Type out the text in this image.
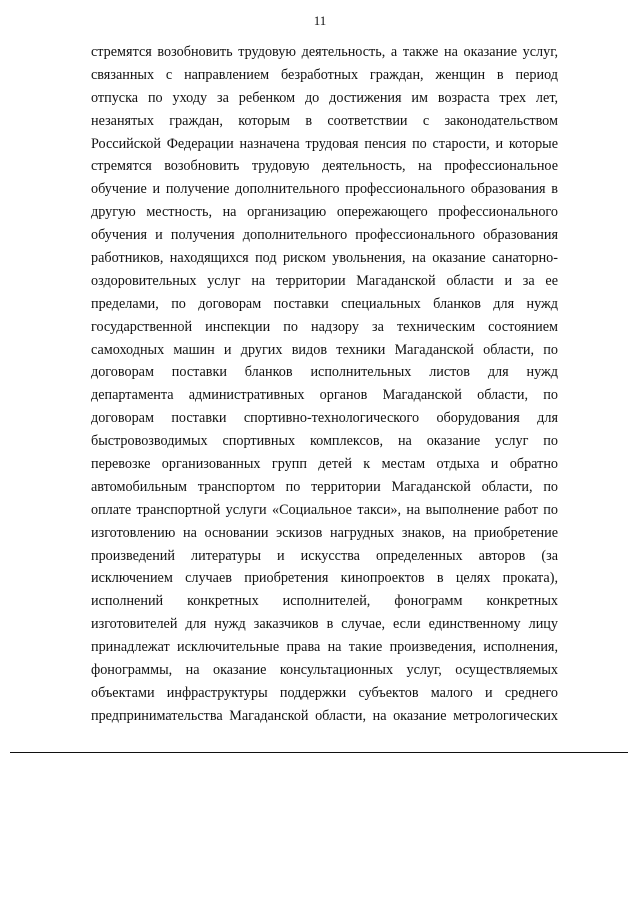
11
стремятся возобновить трудовую деятельность, а также на оказание услуг,
связанных с направлением безработных граждан, женщин в период
отпуска по уходу за ребенком до достижения им возраста трех лет,
незанятых граждан, которым в соответствии с законодательством
Российской Федерации назначена трудовая пенсия по старости, и которые
стремятся возобновить трудовую деятельность, на профессиональное
обучение и получение дополнительного профессионального образования в
другую местность, на организацию опережающего профессионального
обучения и получения дополнительного профессионального образования
работников, находящихся под риском увольнения, на оказание санаторно-
оздоровительных услуг на территории Магаданской области и за ее
пределами, по договорам поставки специальных бланков для нужд
государственной инспекции по надзору за техническим состоянием
самоходных машин и других видов техники Магаданской области, по
договорам поставки бланков исполнительных листов для нужд
департамента административных органов Магаданской области, по
договорам поставки спортивно-технологического оборудования для
быстровозводимых спортивных комплексов, на оказание услуг по
перевозке организованных групп детей к местам отдыха и обратно
автомобильным транспортом по территории Магаданской области, по
оплате транспортной услуги «Социальное такси», на выполнение работ по
изготовлению на основании эскизов нагрудных знаков, на приобретение
произведений литературы и искусства определенных авторов (за
исключением случаев приобретения кинопроектов в целях проката),
исполнений конкретных исполнителей, фонограмм конкретных
изготовителей для нужд заказчиков в случае, если единственному лицу
принадлежат исключительные права на такие произведения, исполнения,
фонограммы, на оказание консультационных услуг, осуществляемых
объектами инфраструктуры поддержки субъектов малого и среднего
предпринимательства Магаданской области, на оказание метрологических
